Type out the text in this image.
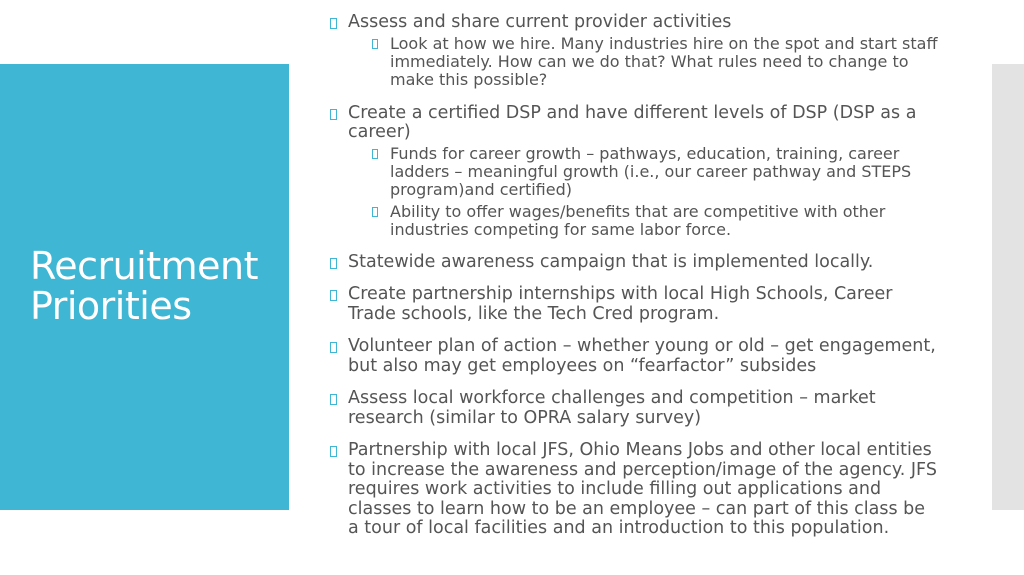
Recruitment
Priorities
Assess and share current provider activities
Look at how we hire. Many industries hire on the spot and start staff immediately. How can we do that? What rules need to change to make this possible?
Create a certified DSP and have different levels of DSP (DSP as a career)
Funds for career growth – pathways, education, training, career ladders – meaningful growth (i.e., our career pathway and STEPS program)and certified)
Ability to offer wages/benefits that are competitive with other industries competing for same labor force.
Statewide awareness campaign that is implemented locally.
Create partnership internships with local High Schools, Career Trade schools, like the Tech Cred program.
Volunteer plan of action – whether young or old – get engagement, but also may get employees on “fearfactor” subsides
Assess local workforce challenges and competition – market research (similar to OPRA salary survey)
Partnership with local JFS, Ohio Means Jobs and other local entities to increase the awareness and perception/image of the agency. JFS requires work activities to include filling out applications and classes to learn how to be an employee – can part of this class be a tour of local facilities and an introduction to this population.
